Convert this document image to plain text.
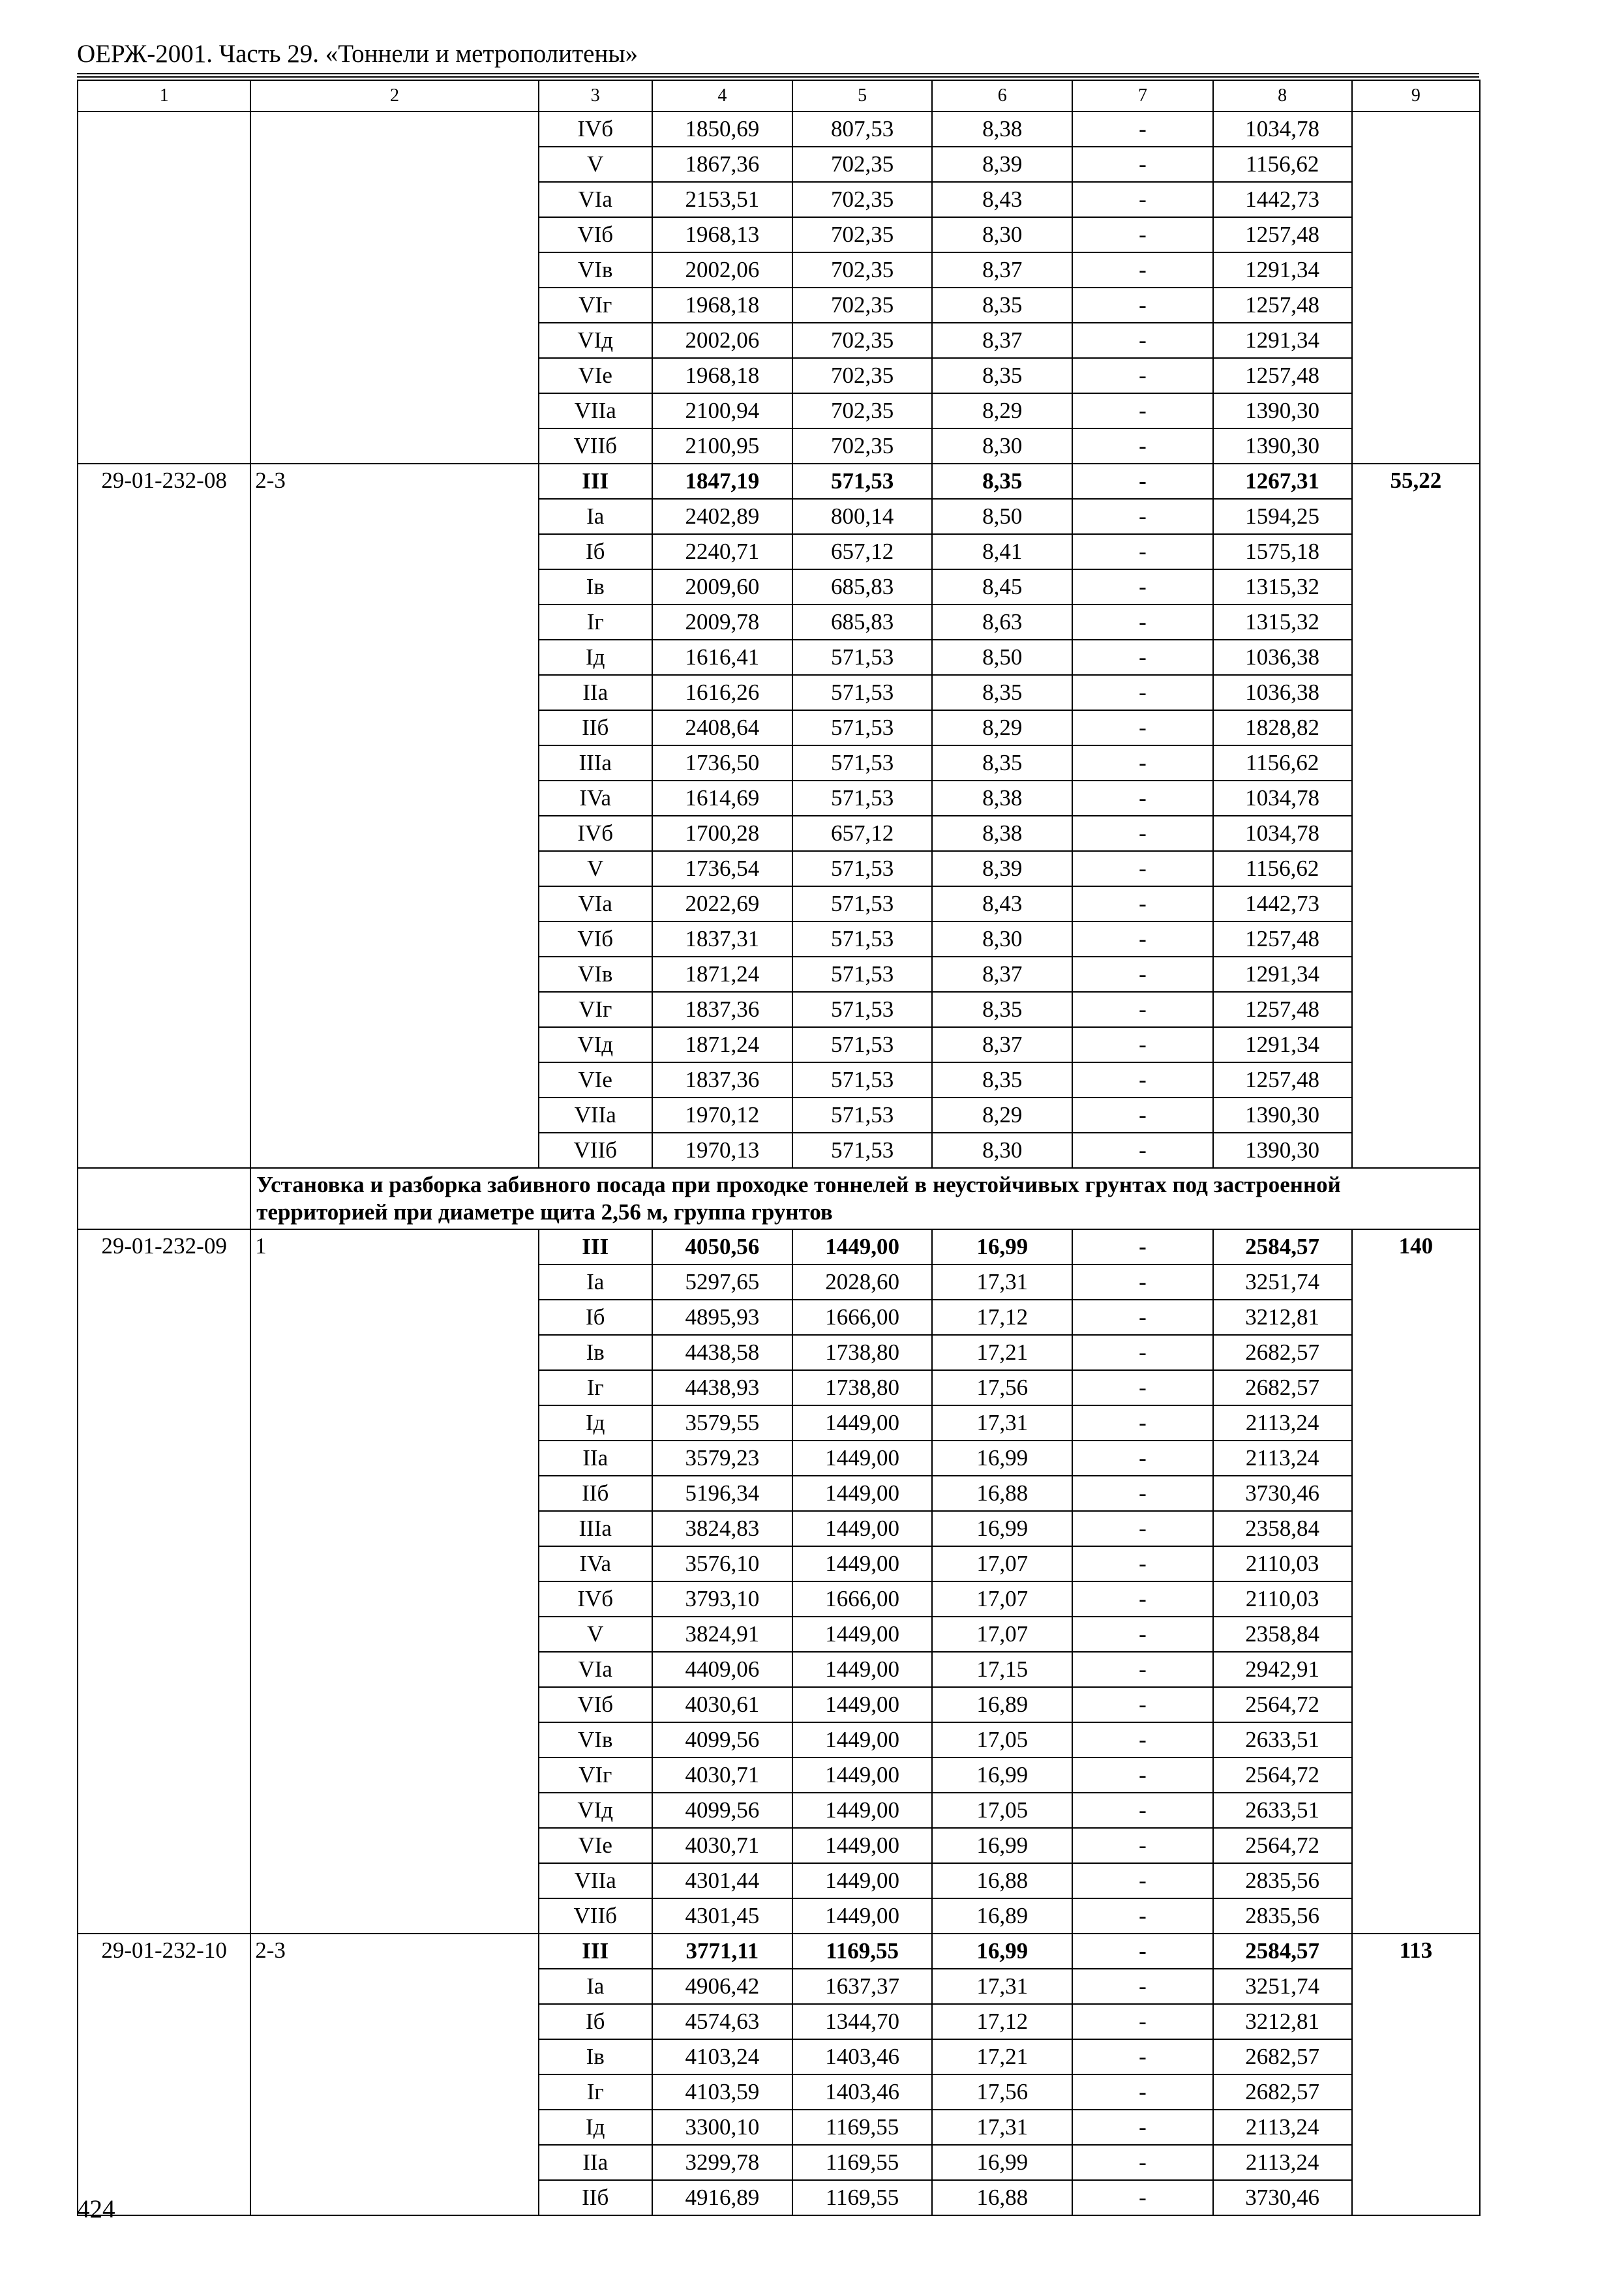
ОЕРЖ-2001. Часть 29. «Тоннели и метрополитены»
1	2	3	4	5	6	7	8	9
		IVб	1850,69	807,53	8,38	-	1034,78	
		V	1867,36	702,35	8,39	-	1156,62	
		VIa	2153,51	702,35	8,43	-	1442,73	
		VIб	1968,13	702,35	8,30	-	1257,48	
		VIв	2002,06	702,35	8,37	-	1291,34	
		VIг	1968,18	702,35	8,35	-	1257,48	
		VIд	2002,06	702,35	8,37	-	1291,34	
		VIe	1968,18	702,35	8,35	-	1257,48	
		VIIa	2100,94	702,35	8,29	-	1390,30	
		VIIб	2100,95	702,35	8,30	-	1390,30	
29-01-232-08	2-3	III	1847,19	571,53	8,35	-	1267,31	55,22
		Ia	2402,89	800,14	8,50	-	1594,25	
		Iб	2240,71	657,12	8,41	-	1575,18	
		Iв	2009,60	685,83	8,45	-	1315,32	
		Iг	2009,78	685,83	8,63	-	1315,32	
		Iд	1616,41	571,53	8,50	-	1036,38	
		IIa	1616,26	571,53	8,35	-	1036,38	
		IIб	2408,64	571,53	8,29	-	1828,82	
		IIIa	1736,50	571,53	8,35	-	1156,62	
		IVa	1614,69	571,53	8,38	-	1034,78	
		IVб	1700,28	657,12	8,38	-	1034,78	
		V	1736,54	571,53	8,39	-	1156,62	
		VIa	2022,69	571,53	8,43	-	1442,73	
		VIб	1837,31	571,53	8,30	-	1257,48	
		VIв	1871,24	571,53	8,37	-	1291,34	
		VIг	1837,36	571,53	8,35	-	1257,48	
		VIд	1871,24	571,53	8,37	-	1291,34	
		VIe	1837,36	571,53	8,35	-	1257,48	
		VIIa	1970,12	571,53	8,29	-	1390,30	
		VIIб	1970,13	571,53	8,30	-	1390,30	
	Установка и разборка забивного посада при проходке тоннелей в неустойчивых грунтах под застроенной территорией при диаметре щита 2,56 м, группа грунтов							
29-01-232-09	1	III	4050,56	1449,00	16,99	-	2584,57	140
		Ia	5297,65	2028,60	17,31	-	3251,74	
		Iб	4895,93	1666,00	17,12	-	3212,81	
		Iв	4438,58	1738,80	17,21	-	2682,57	
		Iг	4438,93	1738,80	17,56	-	2682,57	
		Iд	3579,55	1449,00	17,31	-	2113,24	
		IIa	3579,23	1449,00	16,99	-	2113,24	
		IIб	5196,34	1449,00	16,88	-	3730,46	
		IIIa	3824,83	1449,00	16,99	-	2358,84	
		IVa	3576,10	1449,00	17,07	-	2110,03	
		IVб	3793,10	1666,00	17,07	-	2110,03	
		V	3824,91	1449,00	17,07	-	2358,84	
		VIa	4409,06	1449,00	17,15	-	2942,91	
		VIб	4030,61	1449,00	16,89	-	2564,72	
		VIв	4099,56	1449,00	17,05	-	2633,51	
		VIг	4030,71	1449,00	16,99	-	2564,72	
		VIд	4099,56	1449,00	17,05	-	2633,51	
		VIe	4030,71	1449,00	16,99	-	2564,72	
		VIIa	4301,44	1449,00	16,88	-	2835,56	
		VIIб	4301,45	1449,00	16,89	-	2835,56	
29-01-232-10	2-3	III	3771,11	1169,55	16,99	-	2584,57	113
		Ia	4906,42	1637,37	17,31	-	3251,74	
		Iб	4574,63	1344,70	17,12	-	3212,81	
		Iв	4103,24	1403,46	17,21	-	2682,57	
		Iг	4103,59	1403,46	17,56	-	2682,57	
		Iд	3300,10	1169,55	17,31	-	2113,24	
		IIa	3299,78	1169,55	16,99	-	2113,24	
		IIб	4916,89	1169,55	16,88	-	3730,46	
424
